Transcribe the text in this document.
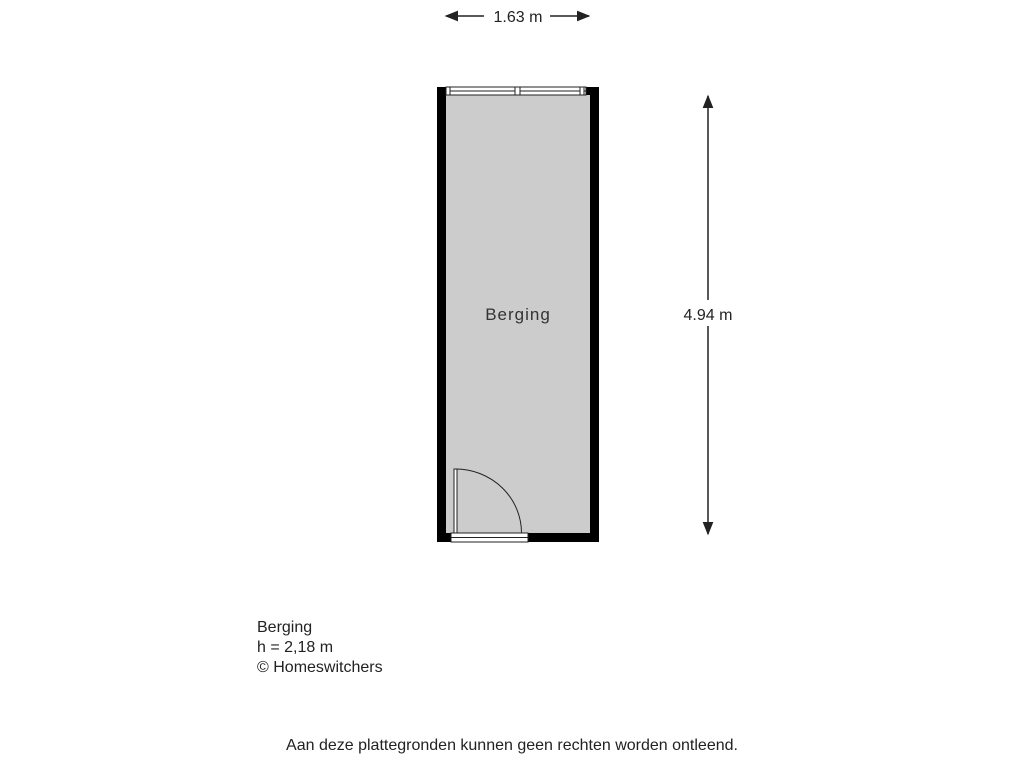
1.63 m
4.94 m
Berging
Berging
h = 2,18 m
© Homeswitchers
Aan deze plattegronden kunnen geen rechten worden ontleend.
